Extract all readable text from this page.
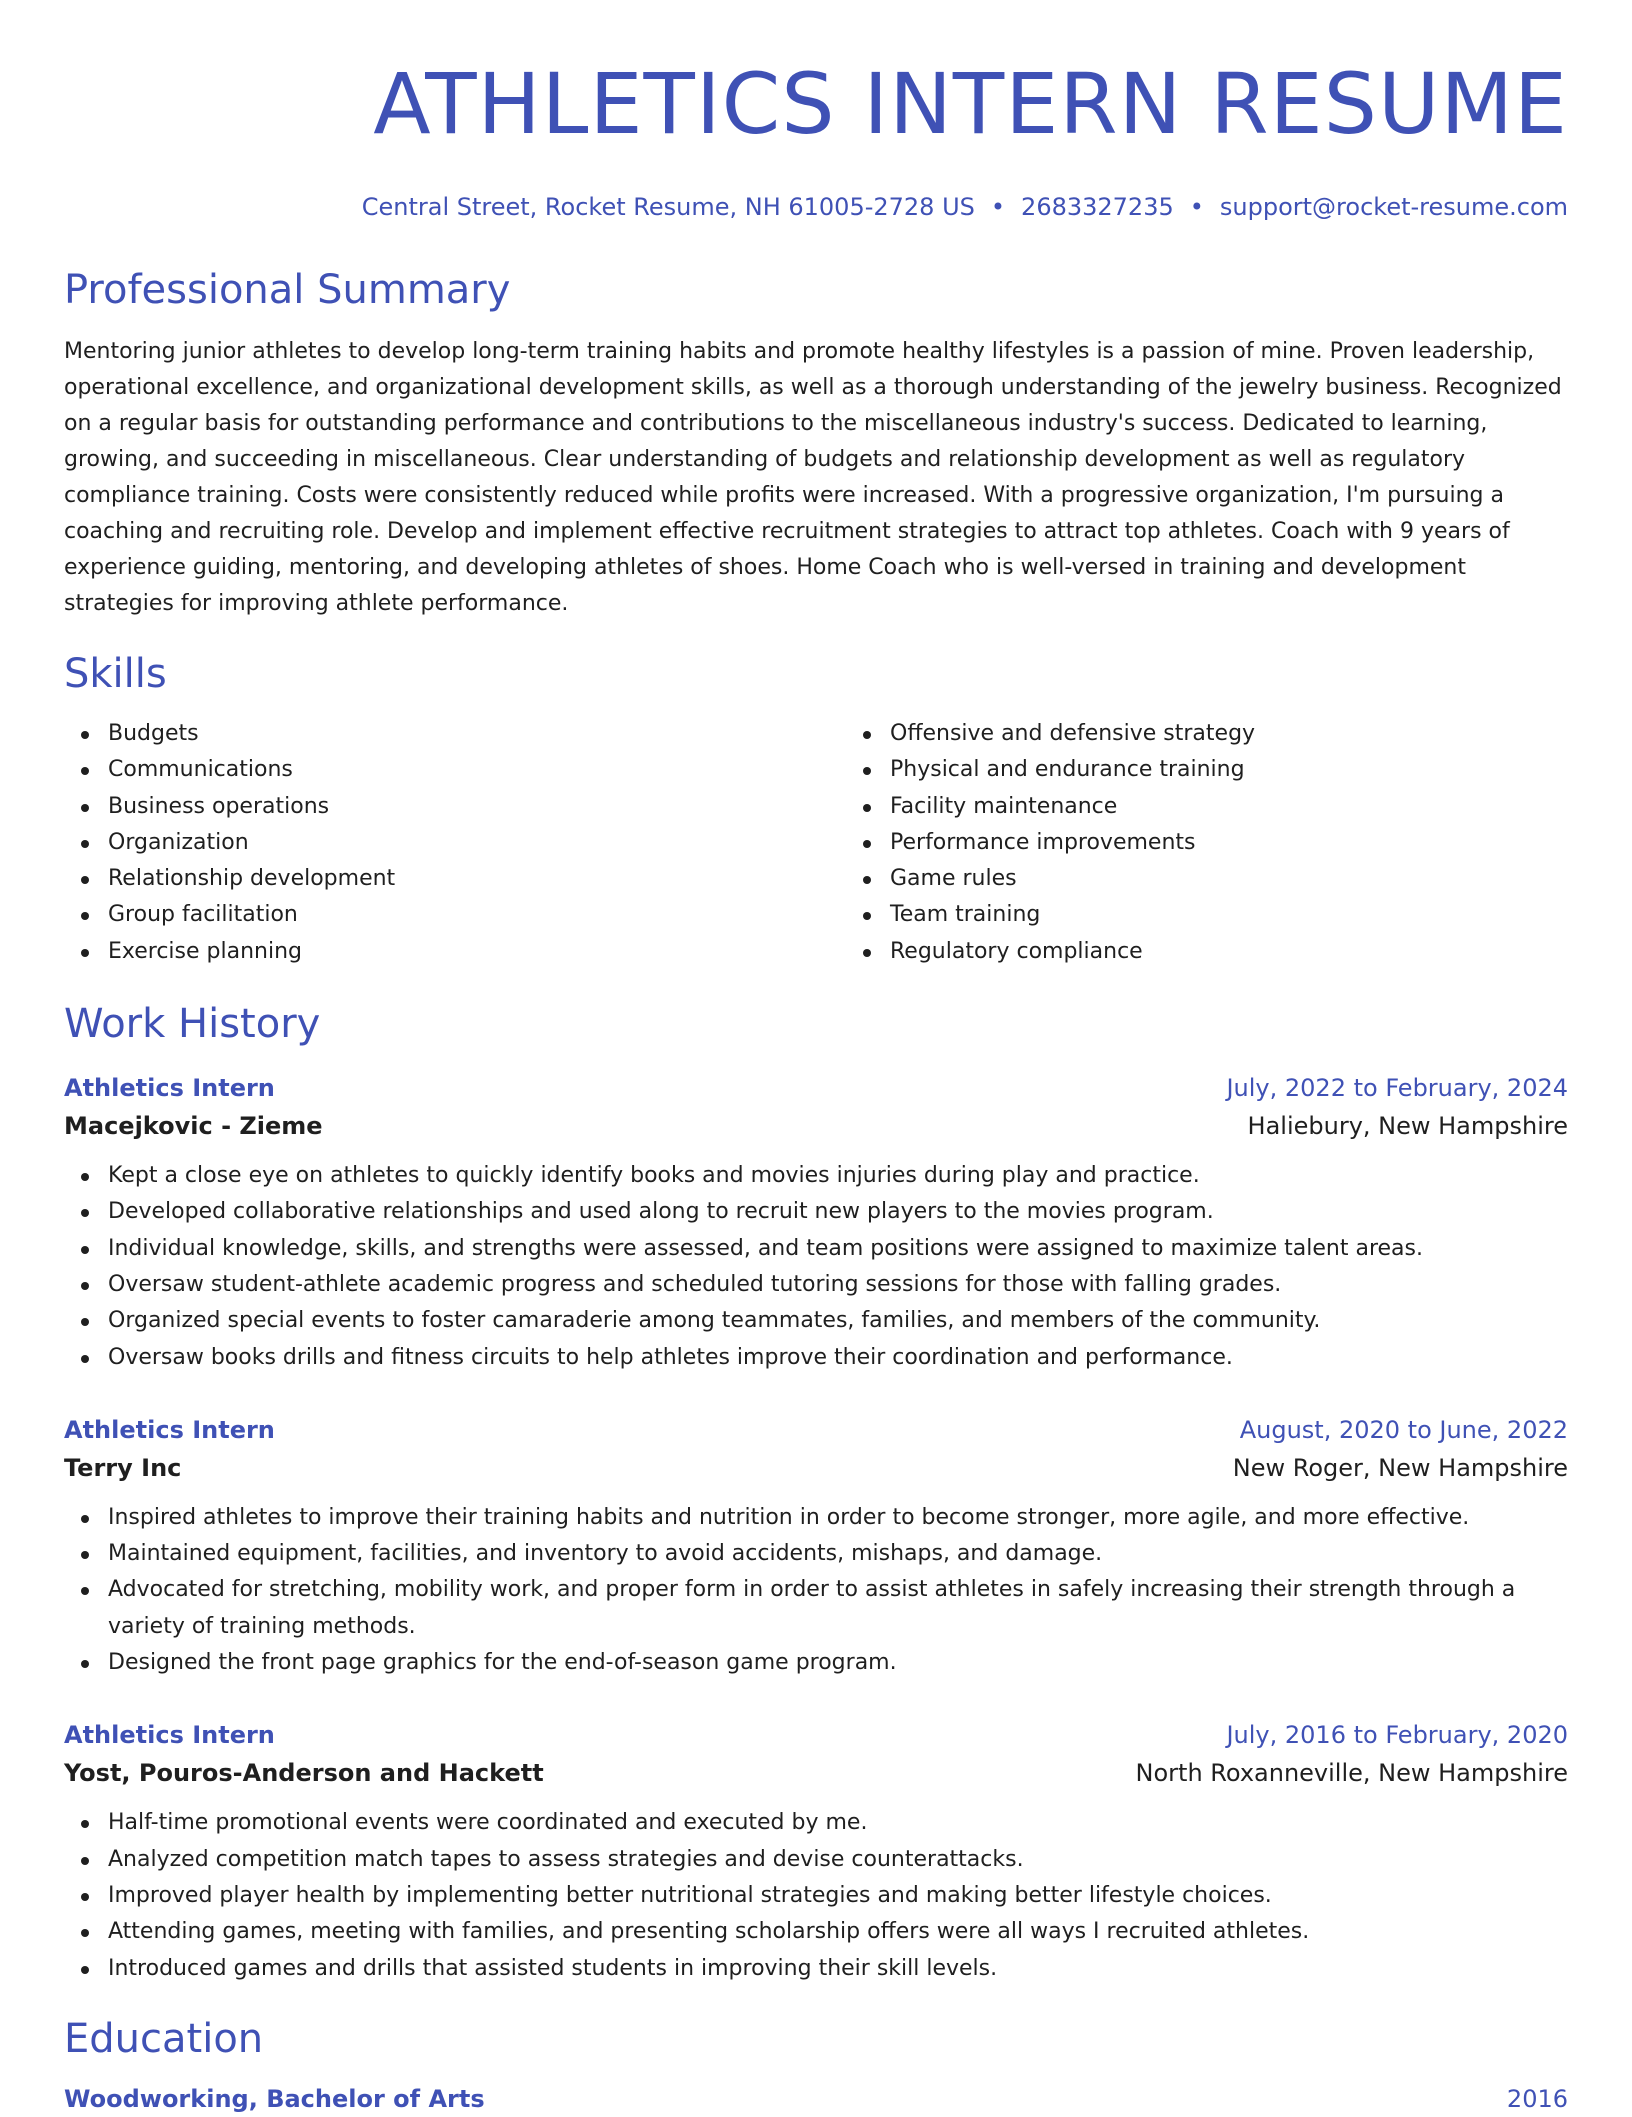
ATHLETICS INTERN RESUME
Central Street, Rocket Resume, NH 61005-2728 US • 2683327235 • support@rocket-resume.com
Professional Summary

Mentoring junior athletes to develop long-term training habits and promote healthy lifestyles is a passion of mine. Proven leadership, operational excellence, and organizational development skills, as well as a thorough understanding of the jewelry business. Recognized on a regular basis for outstanding performance and contributions to the miscellaneous industry's success. Dedicated to learning, growing, and succeeding in miscellaneous. Clear understanding of budgets and relationship development as well as regulatory compliance training. Costs were consistently reduced while profits were increased. With a progressive organization, I'm pursuing a coaching and recruiting role. Develop and implement effective recruitment strategies to attract top athletes. Coach with 9 years of experience guiding, mentoring, and developing athletes of shoes. Home Coach who is well-versed in training and development strategies for improving athlete performance.

Skills
Budgets
Communications
Business operations
Organization
Relationship development
Group facilitation
Exercise planning
Offensive and defensive strategy
Physical and endurance training
Facility maintenance
Performance improvements
Game rules
Team training
Regulatory compliance
Work History
Athletics Intern	July, 2022 to February, 2024
Macejkovic - Zieme	Haliebury, New Hampshire
Kept a close eye on athletes to quickly identify books and movies injuries during play and practice.
Developed collaborative relationships and used along to recruit new players to the movies program.
Individual knowledge, skills, and strengths were assessed, and team positions were assigned to maximize talent areas.
Oversaw student-athlete academic progress and scheduled tutoring sessions for those with falling grades.
Organized special events to foster camaraderie among teammates, families, and members of the community.
Oversaw books drills and fitness circuits to help athletes improve their coordination and performance.
Athletics Intern	August, 2020 to June, 2022
Terry Inc	New Roger, New Hampshire
Inspired athletes to improve their training habits and nutrition in order to become stronger, more agile, and more effective.
Maintained equipment, facilities, and inventory to avoid accidents, mishaps, and damage.
Advocated for stretching, mobility work, and proper form in order to assist athletes in safely increasing their strength through a variety of training methods.
Designed the front page graphics for the end-of-season game program.
Athletics Intern	July, 2016 to February, 2020
Yost, Pouros-Anderson and Hackett	North Roxanneville, New Hampshire
Half-time promotional events were coordinated and executed by me.
Analyzed competition match tapes to assess strategies and devise counterattacks.
Improved player health by implementing better nutritional strategies and making better lifestyle choices.
Attending games, meeting with families, and presenting scholarship offers were all ways I recruited athletes.
Introduced games and drills that assisted students in improving their skill levels.
Education
Woodworking, Bachelor of Arts	2016
